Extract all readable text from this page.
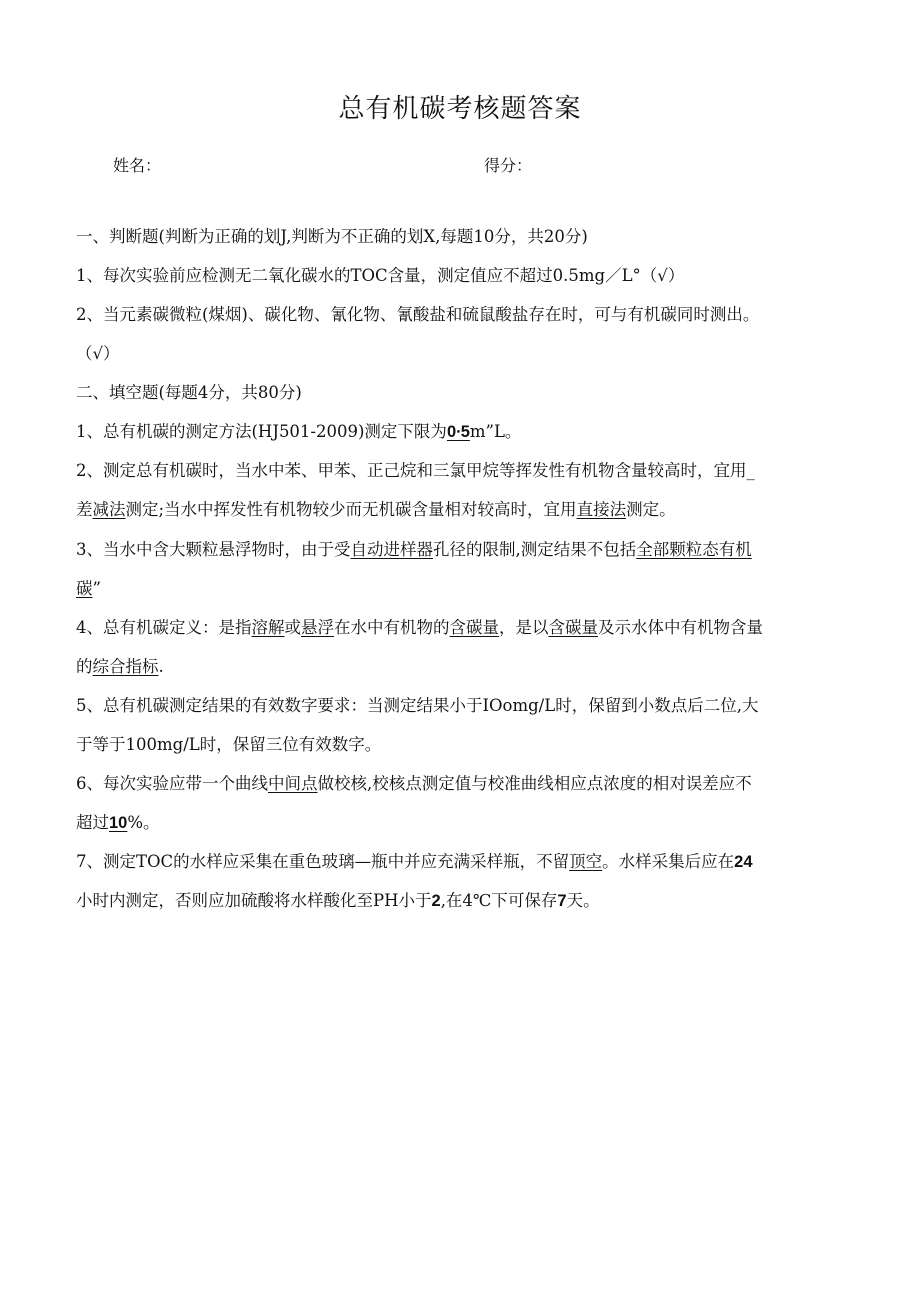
总有机碳考核题答案
姓名：	得分：
一、判断题(判断为正确的划J,判断为不正确的划X,每题10分，共20分)
1、每次实验前应检测无二氧化碳水的TOC含量，测定值应不超过0.5mg／L°（√）
2、当元素碳微粒(煤烟)、碳化物、氰化物、氰酸盐和硫鼠酸盐存在时，可与有机碳同时测出。
（√）
二、填空题(每题4分，共80分)
1、总有机碳的测定方法(HJ501-2009)测定下限为0∙5m”L。
2、测定总有机碳时，当水中苯、甲苯、正己烷和三氯甲烷等挥发性有机物含量较高时，宜用_
差减法测定;当水中挥发性有机物较少而无机碳含量相对较高时，宜用直接法测定。
3、当水中含大颗粒悬浮物时，由于受自动进样器孔径的限制,测定结果不包括全部颗粒态有机
碳”
4、总有机碳定义：是指溶解或悬浮在水中有机物的含碳量，是以含碳量及示水体中有机物含量
的综合指标.
5、总有机碳测定结果的有效数字要求：当测定结果小于IOomg/L时，保留到小数点后二位,大
于等于100mg/L时，保留三位有效数字。
6、每次实验应带一个曲线中间点做校核,校核点测定值与校准曲线相应点浓度的相对误差应不
超过10%。
7、测定TOC的水样应采集在重色玻璃—瓶中并应充满采样瓶，不留顶空。水样采集后应在24
小时内测定，否则应加硫酸将水样酸化至PH小于2,在4℃下可保存7天。
